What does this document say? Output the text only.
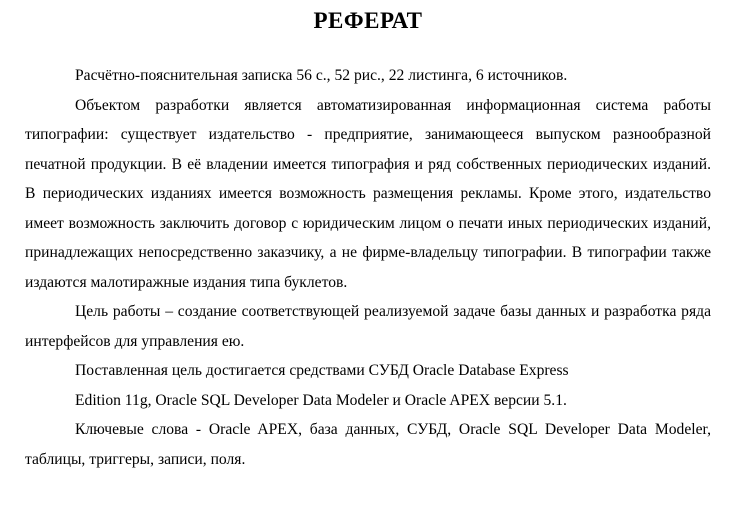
РЕФЕРАТ

Расчётно-пояснительная записка 56 с., 52 рис., 22 листинга, 6 источников.

Объектом разработки является автоматизированная информационная система работы типографии: существует издательство - предприятие, занимающееся выпуском разнообразной печатной продукции. В её владении имеется типография и ряд собственных периодических изданий. В периодических изданиях имеется возможность размещения рекламы. Кроме этого, издательство имеет возможность заключить договор с юридическим лицом о печати иных периодических изданий, принадлежащих непосредственно заказчику, а не фирме-владельцу типографии. В типографии также издаются малотиражные издания типа буклетов.

Цель работы – создание соответствующей реализуемой задаче базы данных и разработка ряда интерфейсов для управления ею.

Поставленная цель достигается средствами СУБД Oracle Database Express

Edition 11g, Oracle SQL Developer Data Modeler и Oracle APEX версии 5.1.

Ключевые слова - Oracle APEX, база данных, СУБД, Oracle SQL Developer Data Modeler, таблицы, триггеры, записи, поля.
